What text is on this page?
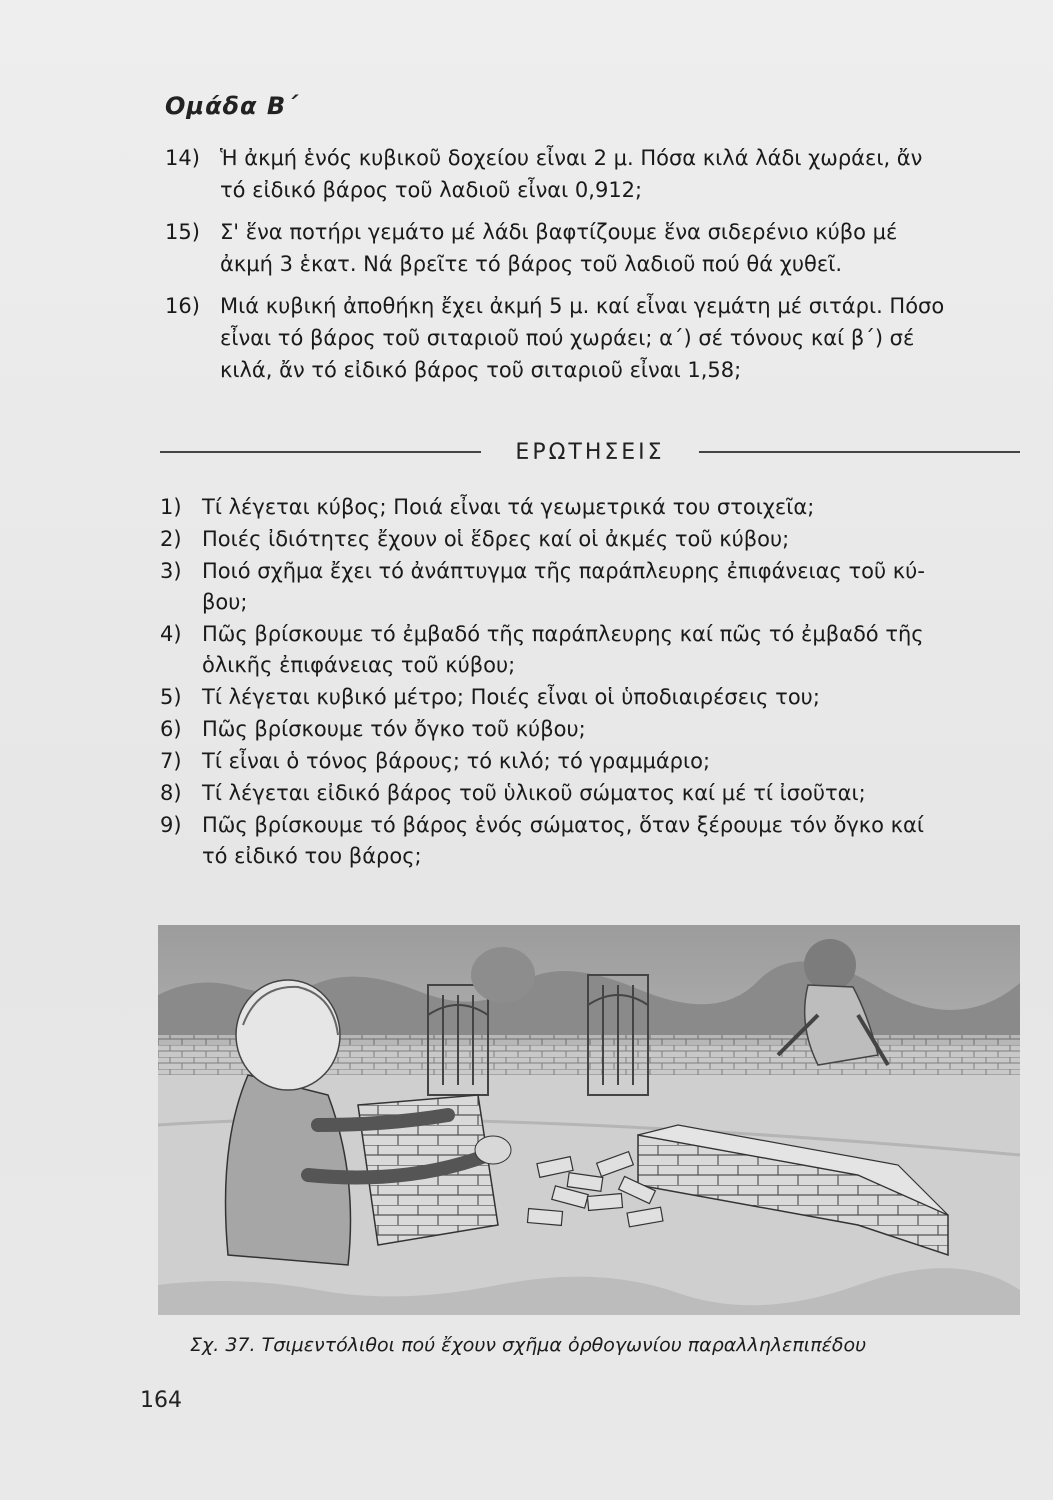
Ομάδα Β΄
14) Ἡ ἀκμή ἑνός κυβικοῦ δοχείου εἶναι 2 μ. Πόσα κιλά λάδι χωράει, ἄν
τό εἰδικό βάρος τοῦ λαδιοῦ εἶναι 0,912;
15) Σ' ἕνα ποτήρι γεμάτο μέ λάδι βαφτίζουμε ἕνα σιδερένιο κύβο μέ
ἀκμή 3 ἑκατ. Νά βρεῖτε τό βάρος τοῦ λαδιοῦ πού θά χυθεῖ.
16) Μιά κυβική ἀποθήκη ἔχει ἀκμή 5 μ. καί εἶναι γεμάτη μέ σιτάρι. Πόσο
εἶναι τό βάρος τοῦ σιταριοῦ πού χωράει; α΄) σέ τόνους καί β΄) σέ
κιλά, ἄν τό εἰδικό βάρος τοῦ σιταριοῦ εἶναι 1,58;
ΕΡΩΤΗΣΕΙΣ
1) Τί λέγεται κύβος; Ποιά εἶναι τά γεωμετρικά του στοιχεῖα;
2) Ποιές ἰδιότητες ἔχουν οἱ ἕδρες καί οἱ ἀκμές τοῦ κύβου;
3) Ποιό σχῆμα ἔχει τό ἀνάπτυγμα τῆς παράπλευρης ἐπιφάνειας τοῦ κύ-
βου;
4) Πῶς βρίσκουμε τό ἐμβαδό τῆς παράπλευρης καί πῶς τό ἐμβαδό τῆς
ὁλικῆς ἐπιφάνειας τοῦ κύβου;
5) Τί λέγεται κυβικό μέτρο; Ποιές εἶναι οἱ ὑποδιαιρέσεις του;
6) Πῶς βρίσκουμε τόν ὄγκο τοῦ κύβου;
7) Τί εἶναι ὁ τόνος βάρους; τό κιλό; τό γραμμάριο;
8) Τί λέγεται εἰδικό βάρος τοῦ ὑλικοῦ σώματος καί μέ τί ἰσοῦται;
9) Πῶς βρίσκουμε τό βάρος ἑνός σώματος, ὅταν ξέρουμε τόν ὄγκο καί
τό εἰδικό του βάρος;
Σχ. 37. Τσιμεντόλιθοι πού ἔχουν σχῆμα ὀρθογωνίου παραλληλεπιπέδου
164
